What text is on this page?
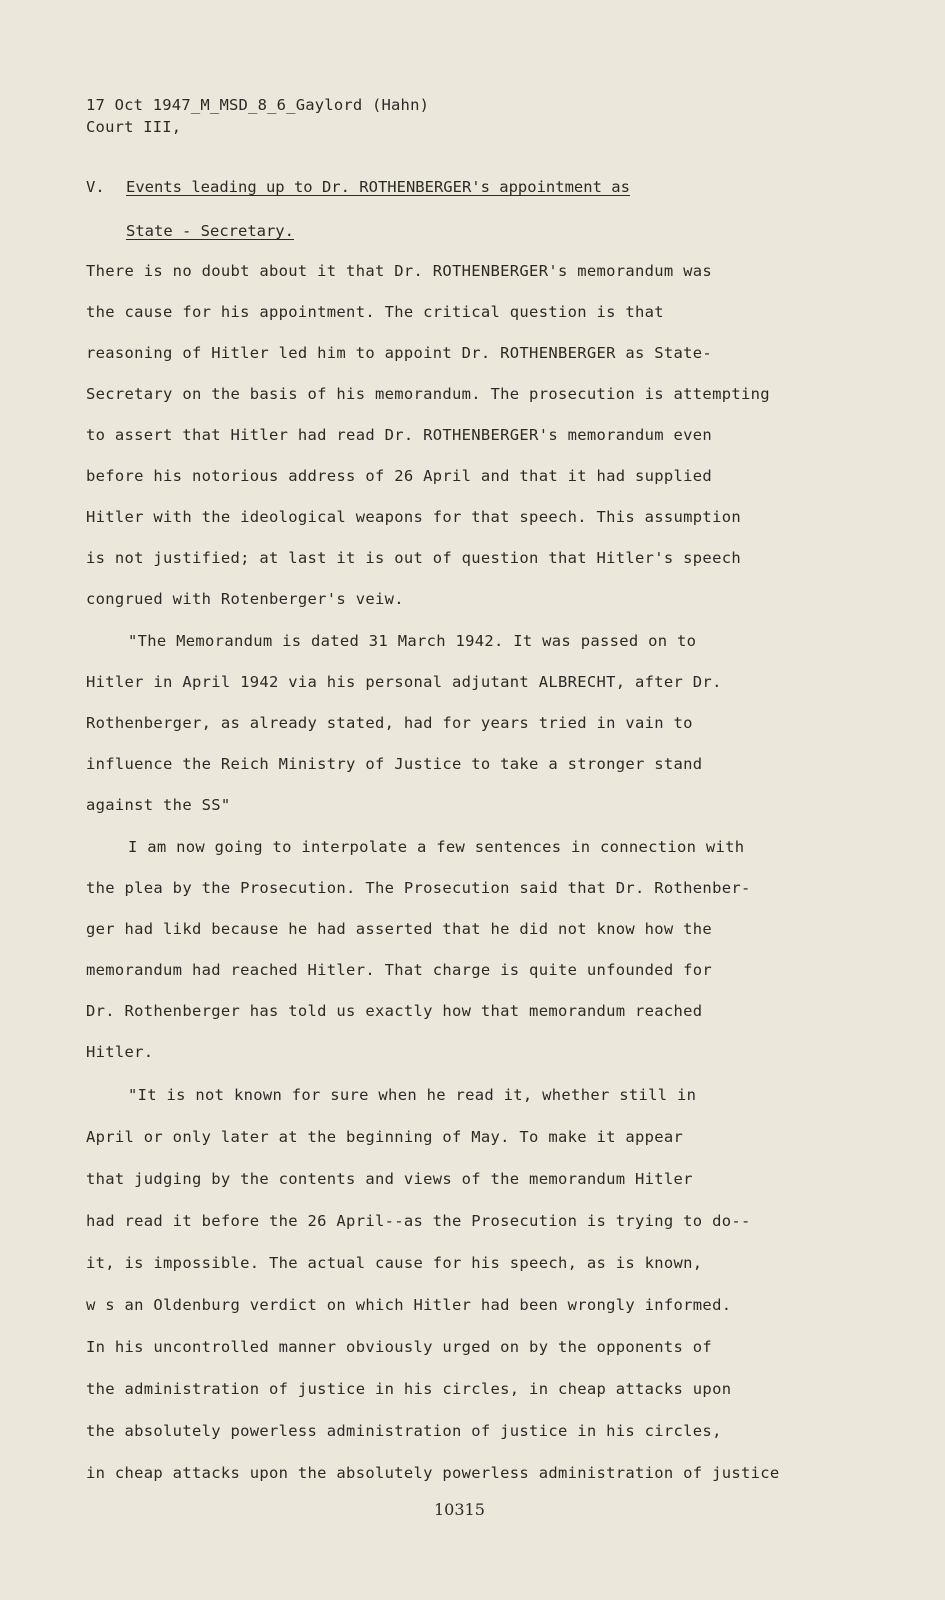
17 Oct 1947_M_MSD_8_6_Gaylord (Hahn)
Court III,
V. Events leading up to Dr. ROTHENBERGER's appointment as
State - Secretary.
There is no doubt about it that Dr. ROTHENBERGER's memorandum was
the cause for his appointment. The critical question is that
reasoning of Hitler led him to appoint Dr. ROTHENBERGER as State-
Secretary on the basis of his memorandum. The prosecution is attempting
to assert that Hitler had read Dr. ROTHENBERGER's memorandum even
before his notorious address of 26 April and that it had supplied
Hitler with the ideological weapons for that speech. This assumption
is not justified; at last it is out of question that Hitler's speech
congrued with Rotenberger's veiw.
"The Memorandum is dated 31 March 1942. It was passed on to
Hitler in April 1942 via his personal adjutant ALBRECHT, after Dr.
Rothenberger, as already stated, had for years tried in vain to
influence the Reich Ministry of Justice to take a stronger stand
against the SS"
I am now going to interpolate a few sentences in connection with
the plea by the Prosecution. The Prosecution said that Dr. Rothenber-
ger had likd because he had asserted that he did not know how the
memorandum had reached Hitler. That charge is quite unfounded for
Dr. Rothenberger has told us exactly how that memorandum reached
Hitler.
"It is not known for sure when he read it, whether still in
April or only later at the beginning of May. To make it appear
that judging by the contents and views of the memorandum Hitler
had read it before the 26 April--as the Prosecution is trying to do--
it, is impossible. The actual cause for his speech, as is known,
w s an Oldenburg verdict on which Hitler had been wrongly informed.
In his uncontrolled manner obviously urged on by the opponents of
the administration of justice in his circles, in cheap attacks upon
the absolutely powerless administration of justice in his circles,
in cheap attacks upon the absolutely powerless administration of justice
10315
